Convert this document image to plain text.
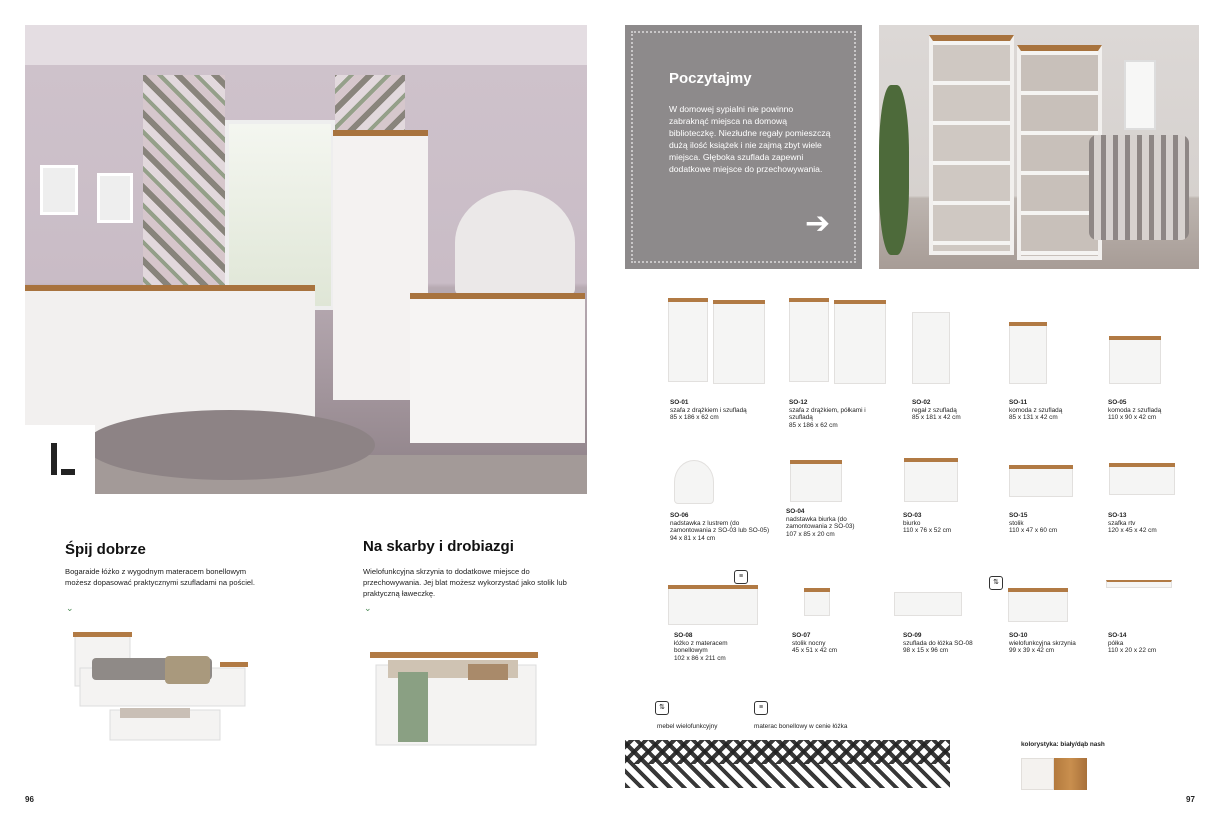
Śpij dobrze
Bogaraide łóżko z wygodnym materacem bonellowym możesz dopasować praktycznymi szufladami na pościel.
⌄
Na skarby i drobiazgi
Wielofunkcyjna skrzynia to dodatkowe miejsce do przechowywania. Jej blat możesz wykorzystać jako stolik lub praktyczną ławeczkę.
⌄
96
Poczytajmy
W domowej sypialni nie powinno zabraknąć miejsca na domową biblioteczkę. Niezłudne regały pomieszczą dużą ilość książek i nie zajmą zbyt wiele miejsca. Głęboka szuflada zapewni dodatkowe miejsce do przechowywania.
➔
SO-01
szafa z drążkiem i szufladą
85 x 186 x 62 cm
SO-12
szafa z drążkiem, półkami i szufladą
85 x 186 x 62 cm
SO-02
regał z szufladą
85 x 181 x 42 cm
SO-11
komoda z szufladą
85 x 131 x 42 cm
SO-05
komoda z szufladą
110 x 90 x 42 cm
SO-06
nadstawka z lustrem (do zamontowania z SO-03 lub SO-05)
94 x 81 x 14 cm
SO-04
nadstawka biurka (do zamontowania z SO-03)
107 x 85 x 20 cm
SO-03
biurko
110 x 76 x 52 cm
SO-15
stolik
110 x 47 x 60 cm
SO-13
szafka rtv
120 x 45 x 42 cm
≡
SO-08
łóżko z materacem bonellowym
102 x 86 x 211 cm
SO-07
stolik nocny
45 x 51 x 42 cm
SO-09
szuflada do łóżka SO-08
98 x 15 x 96 cm
⇅
SO-10
wielofunkcyjna skrzynia
99 x 39 x 42 cm
SO-14
półka
110 x 20 x 22 cm
⇅
mebel wielofunkcyjny
≡
materac bonellowy w cenie łóżka
kolorystyka: biały/dąb nash
97
